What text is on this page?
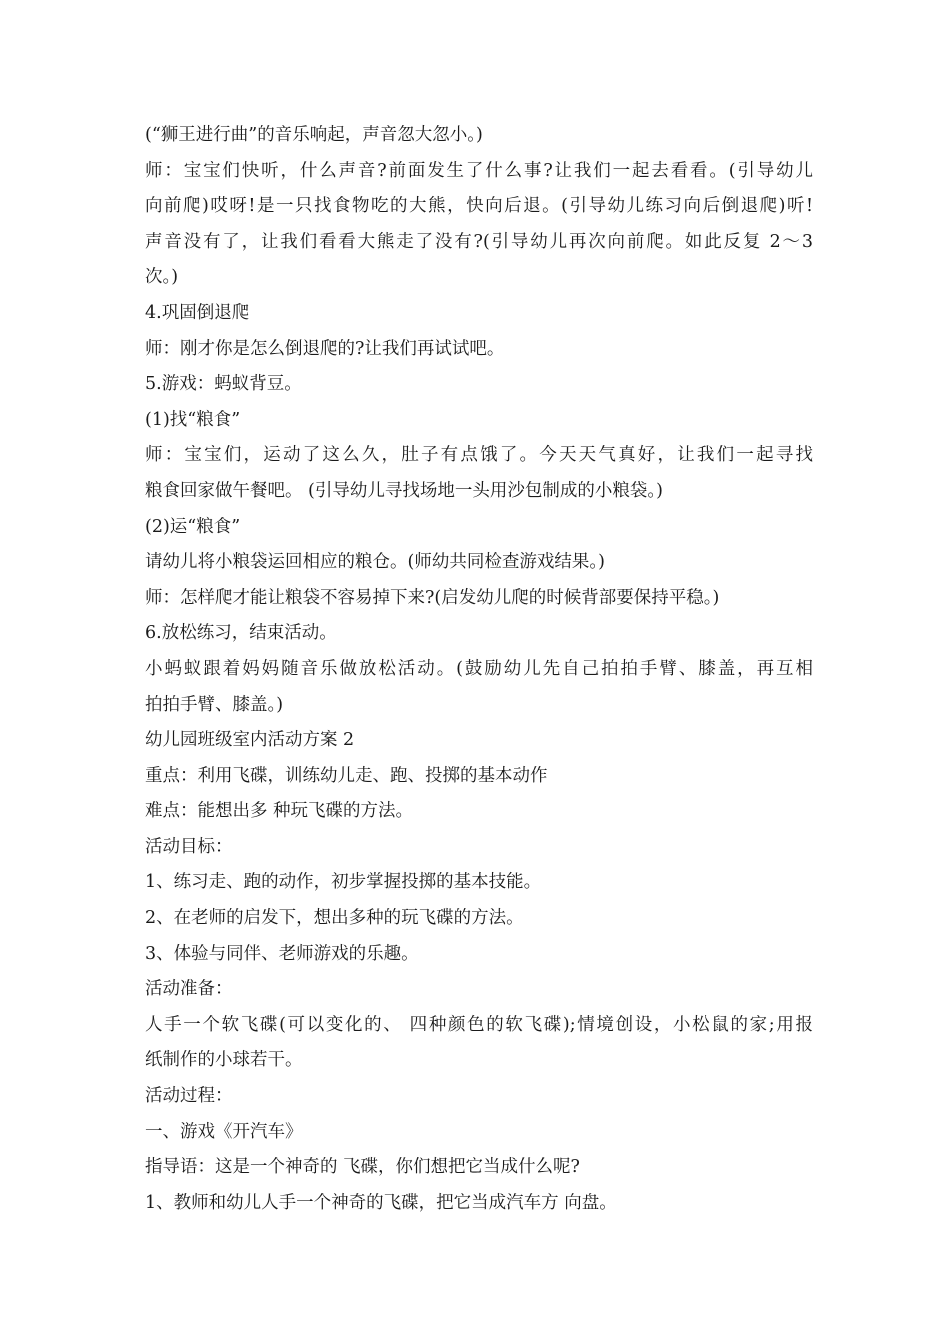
(“狮王进行曲”的音乐响起，声音忽大忽小。)
师：宝宝们快听，什么声音?前面发生了什么事?让我们一起去看看。(引导幼儿
向前爬)哎呀!是一只找食物吃的大熊，快向后退。(引导幼儿练习向后倒退爬)听!
声音没有了，让我们看看大熊走了没有?(引导幼儿再次向前爬。如此反复 2～3
次。)
4.巩固倒退爬
师：刚才你是怎么倒退爬的?让我们再试试吧。
5.游戏：蚂蚁背豆。
(1)找“粮食”
师：宝宝们，运动了这么久，肚子有点饿了。今天天气真好，让我们一起寻找
粮食回家做午餐吧。 (引导幼儿寻找场地一头用沙包制成的小粮袋。)
(2)运“粮食”
请幼儿将小粮袋运回相应的粮仓。(师幼共同检查游戏结果。)
师：怎样爬才能让粮袋不容易掉下来?(启发幼儿爬的时候背部要保持平稳。)
6.放松练习，结束活动。
小蚂蚁跟着妈妈随音乐做放松活动。(鼓励幼儿先自己拍拍手臂、膝盖，再互相
拍拍手臂、膝盖。)
幼儿园班级室内活动方案 2
重点：利用飞碟，训练幼儿走、跑、投掷的基本动作
难点：能想出多 种玩飞碟的方法。
活动目标：
1、练习走、跑的动作，初步掌握投掷的基本技能。
2、在老师的启发下，想出多种的玩飞碟的方法。
3、体验与同伴、老师游戏的乐趣。
活动准备：
人手一个软飞碟(可以变化的、 四种颜色的软飞碟);情境创设，小松鼠的家;用报
纸制作的小球若干。
活动过程：
一、游戏《开汽车》
指导语：这是一个神奇的 飞碟，你们想把它当成什么呢?
1、教师和幼儿人手一个神奇的飞碟，把它当成汽车方 向盘。
